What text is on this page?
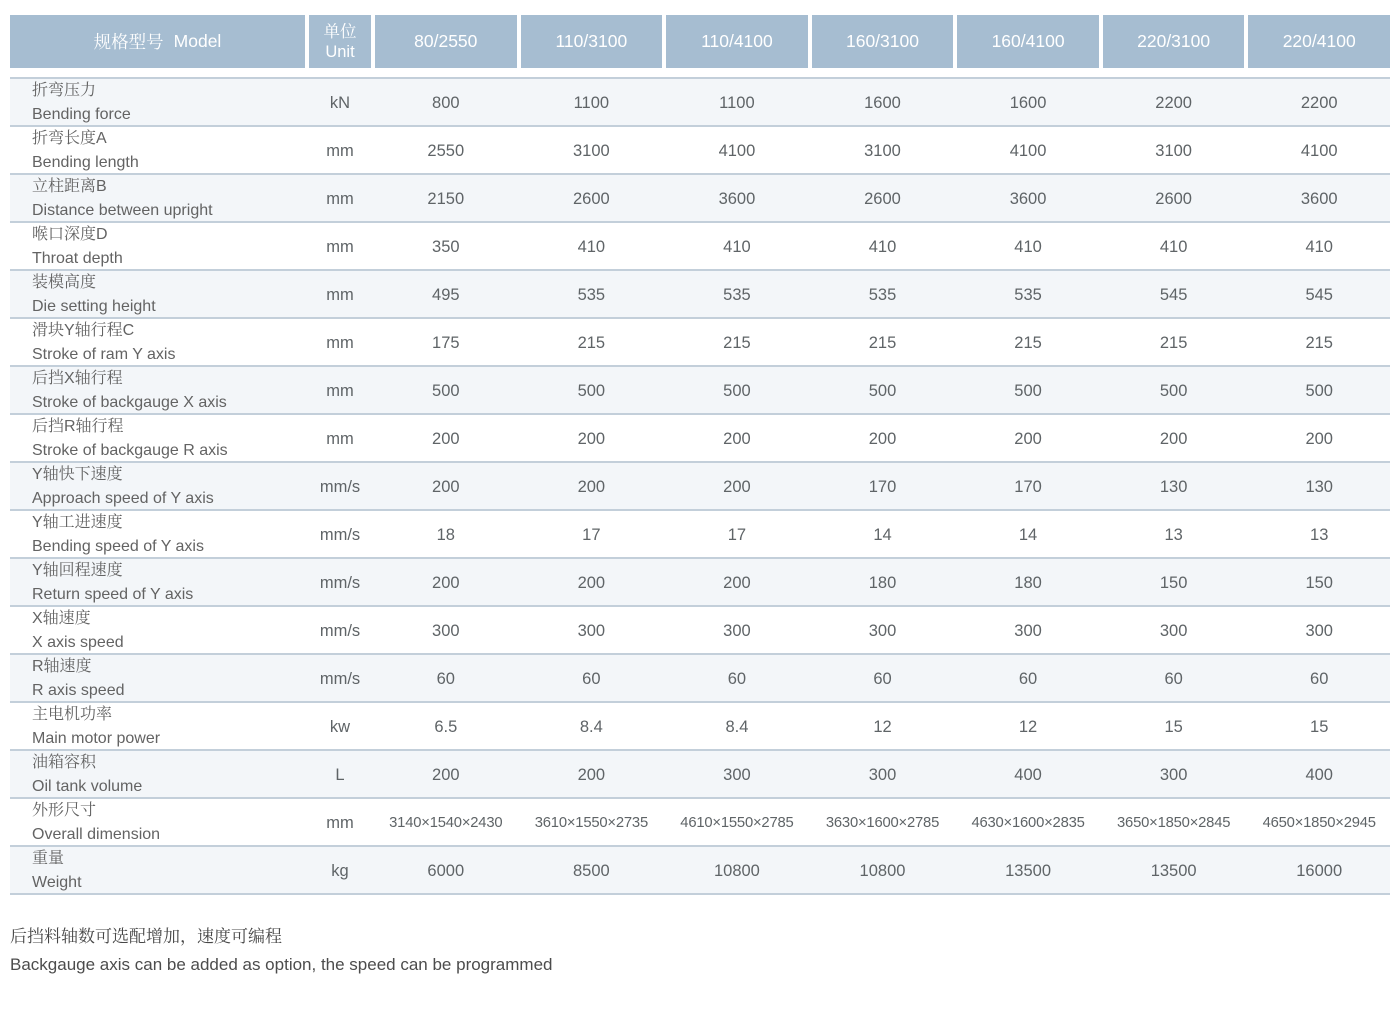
规格型号 Model	单位
Unit
80/2550	110/3100	110/4100	160/3100	160/4100	220/3100	220/4100
折弯压力
Bending force
kN	800	1100	1100	1600	1600	2200	2200
折弯长度A
Bending length
mm	2550	3100	4100	3100	4100	3100	4100
立柱距离B
Distance between upright
mm	2150	2600	3600	2600	3600	2600	3600
喉口深度D
Throat depth
mm	350	410	410	410	410	410	410
装模高度
Die setting height
mm	495	535	535	535	535	545	545
滑块Y轴行程C
Stroke of ram Y axis
mm	175	215	215	215	215	215	215
后挡X轴行程
Stroke of backgauge X axis
mm	500	500	500	500	500	500	500
后挡R轴行程
Stroke of backgauge R axis
mm	200	200	200	200	200	200	200
Y轴快下速度
Approach speed of Y axis
mm/s	200	200	200	170	170	130	130
Y轴工进速度
Bending speed of Y axis
mm/s	18	17	17	14	14	13	13
Y轴回程速度
Return speed of Y axis
mm/s	200	200	200	180	180	150	150
X轴速度
X axis speed
mm/s	300	300	300	300	300	300	300
R轴速度
R axis speed
mm/s	60	60	60	60	60	60	60
主电机功率
Main motor power
kw	6.5	8.4	8.4	12	12	15	15
油箱容积
Oil tank volume
L	200	200	300	300	400	300	400
外形尺寸
Overall dimension
mm	3140×1540×2430	3610×1550×2735	4610×1550×2785	3630×1600×2785	4630×1600×2835	3650×1850×2845	4650×1850×2945
重量
Weight
kg	6000	8500	10800	10800	13500	13500	16000
后挡料轴数可选配增加，速度可编程
Backgauge axis can be added as option, the speed can be programmed
